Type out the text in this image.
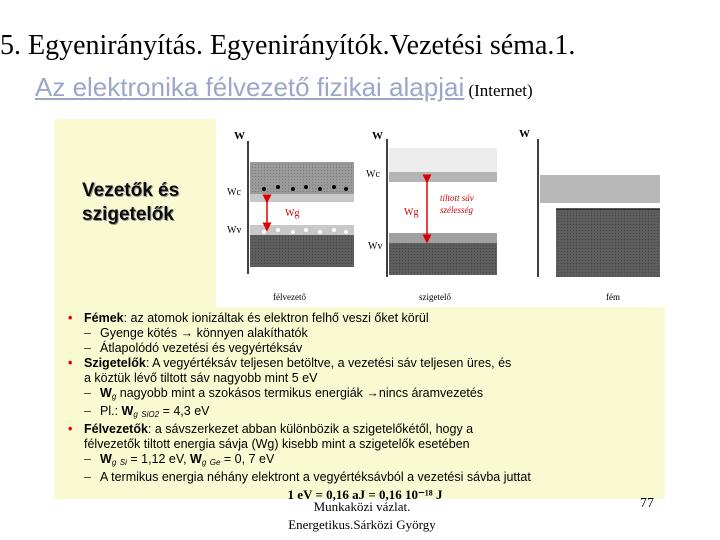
5. Egyenirányítás. Egyenirányítók.Vezetési séma.1.
Az elektronika félvezető fizikai alapjai (Internet)
Vezetők és
szigetelők
W
Wc
Wv
Wg
félvezető
W
Wc
Wv
Wg
tiltott sáv
szélesség
szigetelő
W
fém
• Fémek: az atomok ionizáltak és elektron felhő veszi őket körül
– Gyenge kötés → könnyen alakíthatók
– Átlapolódó vezetési és vegyértéksáv
• Szigetelők: A vegyértéksáv teljesen betöltve, a vezetési sáv teljesen üres, és
a köztük lévő tiltott sáv nagyobb mint 5 eV
– $W_g$ nagyobb mint a szokásos termikus energiák →nincs áramvezetés
– Pl.: $W_g$ $_{SiO2}$ = 4,3 eV
• Félvezetők: a sávszerkezet abban különbözik a szigetelőkétől, hogy a
félvezetők tiltott energia sávja (Wg) kisebb mint a szigetelők esetében
– $W_g$ $_{Si}$ = 1,12 eV, $W_g$ $_{Ge}$ = 0, 7 eV
– A termikus energia néhány elektront a vegyértéksávból a vezetési sávba juttat
1 eV = 0,16 aJ = 0,16 10⁻¹⁸ J
Munkaközi vázlat.
Energetikus.Sárközi György
77
